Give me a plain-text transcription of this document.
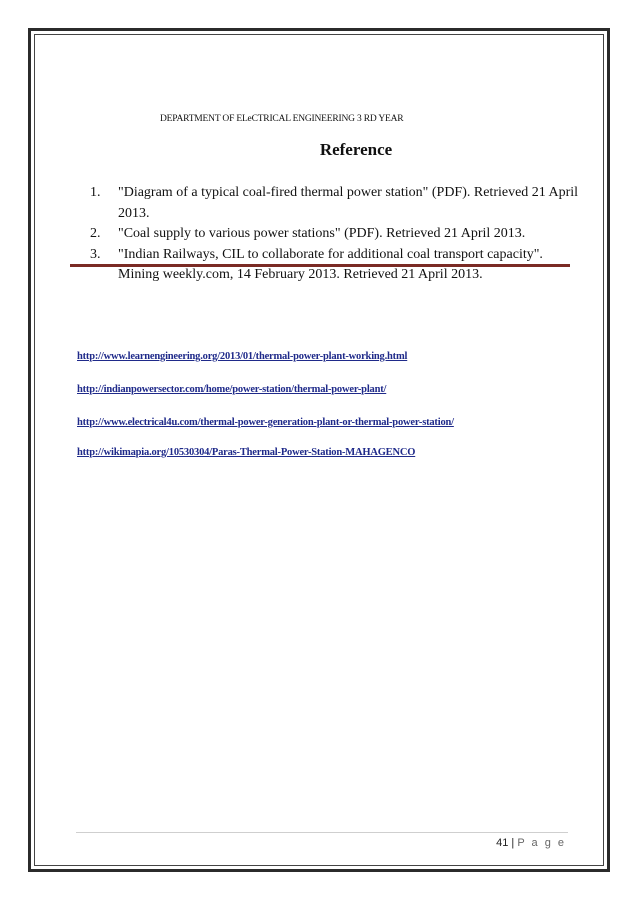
DEPARTMENT OF ELeCTRICAL ENGINEERING 3 RD YEAR
Reference
1. "Diagram of a typical coal-fired thermal power station" (PDF). Retrieved 21 April 2013.
2. "Coal supply to various power stations" (PDF). Retrieved 21 April 2013.
3. "Indian Railways, CIL to collaborate for additional coal transport capacity". Mining weekly.com, 14 February 2013. Retrieved 21 April 2013.
http://www.learnengineering.org/2013/01/thermal-power-plant-working.html
http://indianpowersector.com/home/power-station/thermal-power-plant/
http://www.electrical4u.com/thermal-power-generation-plant-or-thermal-power-station/
http://wikimapia.org/10530304/Paras-Thermal-Power-Station-MAHAGENCO
41 | P a g e
